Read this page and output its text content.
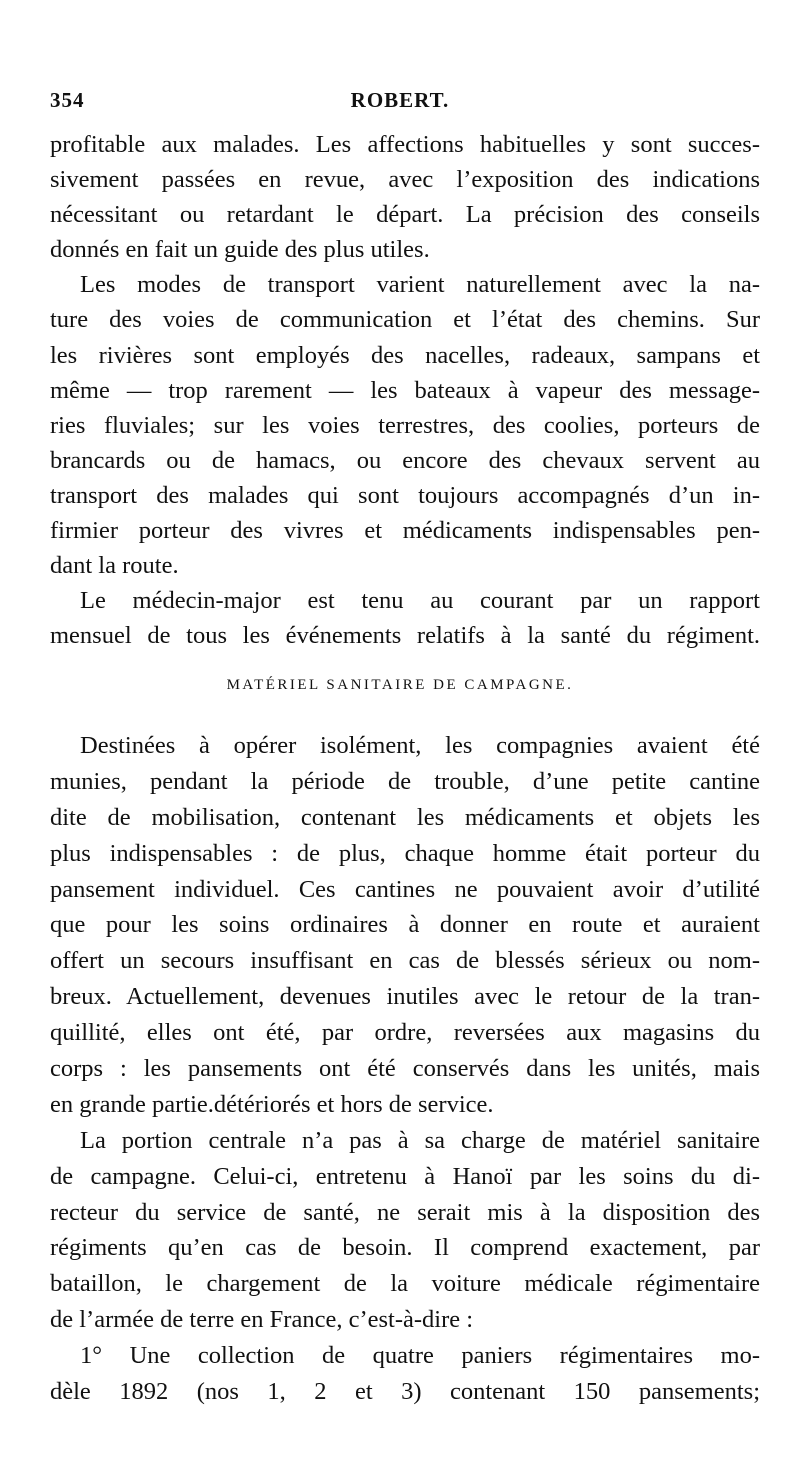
354	ROBERT.
profitable aux malades. Les affections habituelles y sont succes-
sivement passées en revue, avec l’exposition des indications
nécessitant ou retardant le départ. La précision des conseils
donnés en fait un guide des plus utiles.
Les modes de transport varient naturellement avec la na-
ture des voies de communication et l’état des chemins. Sur
les rivières sont employés des nacelles, radeaux, sampans et
même — trop rarement — les bateaux à vapeur des message-
ries fluviales; sur les voies terrestres, des coolies, porteurs de
brancards ou de hamacs, ou encore des chevaux servent au
transport des malades qui sont toujours accompagnés d’un in-
firmier porteur des vivres et médicaments indispensables pen-
dant la route.
Le médecin-major est tenu au courant par un rapport
mensuel de tous les événements relatifs à la santé du régiment.
MATÉRIEL SANITAIRE DE CAMPAGNE.
Destinées à opérer isolément, les compagnies avaient été
munies, pendant la période de trouble, d’une petite cantine
dite de mobilisation, contenant les médicaments et objets les
plus indispensables : de plus, chaque homme était porteur du
pansement individuel. Ces cantines ne pouvaient avoir d’utilité
que pour les soins ordinaires à donner en route et auraient
offert un secours insuffisant en cas de blessés sérieux ou nom-
breux. Actuellement, devenues inutiles avec le retour de la tran-
quillité, elles ont été, par ordre, reversées aux magasins du
corps : les pansements ont été conservés dans les unités, mais
en grande partie.détériorés et hors de service.
La portion centrale n’a pas à sa charge de matériel sanitaire
de campagne. Celui-ci, entretenu à Hanoï par les soins du di-
recteur du service de santé, ne serait mis à la disposition des
régiments qu’en cas de besoin. Il comprend exactement, par
bataillon, le chargement de la voiture médicale régimentaire
de l’armée de terre en France, c’est-à-dire :
1° Une collection de quatre paniers régimentaires mo-
dèle 1892 (nos 1, 2 et 3) contenant 150 pansements;
